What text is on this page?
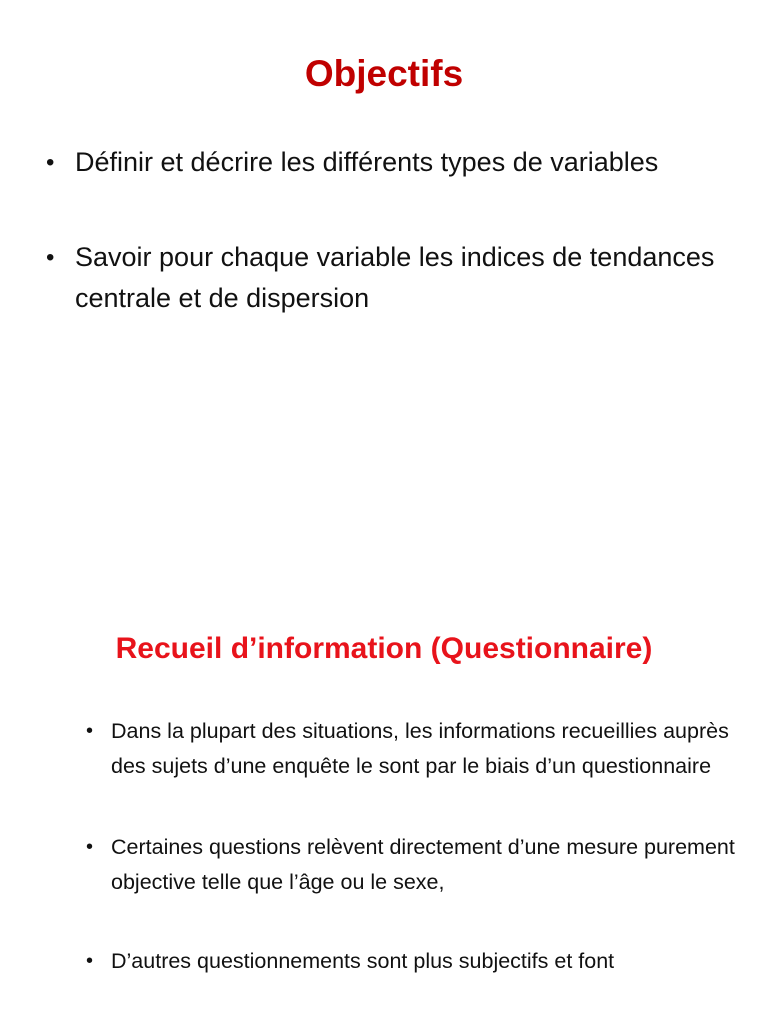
Objectifs
• Définir et décrire les différents types de variables
• Savoir pour chaque variable les indices de tendances centrale et de dispersion
Recueil d’information (Questionnaire)
• Dans la plupart des situations, les informations recueillies auprès des sujets d’une enquête le sont par le biais d’un questionnaire
• Certaines questions relèvent directement d’une mesure purement objective telle que l’âge ou le sexe,
• D’autres questionnements sont plus subjectifs et font
